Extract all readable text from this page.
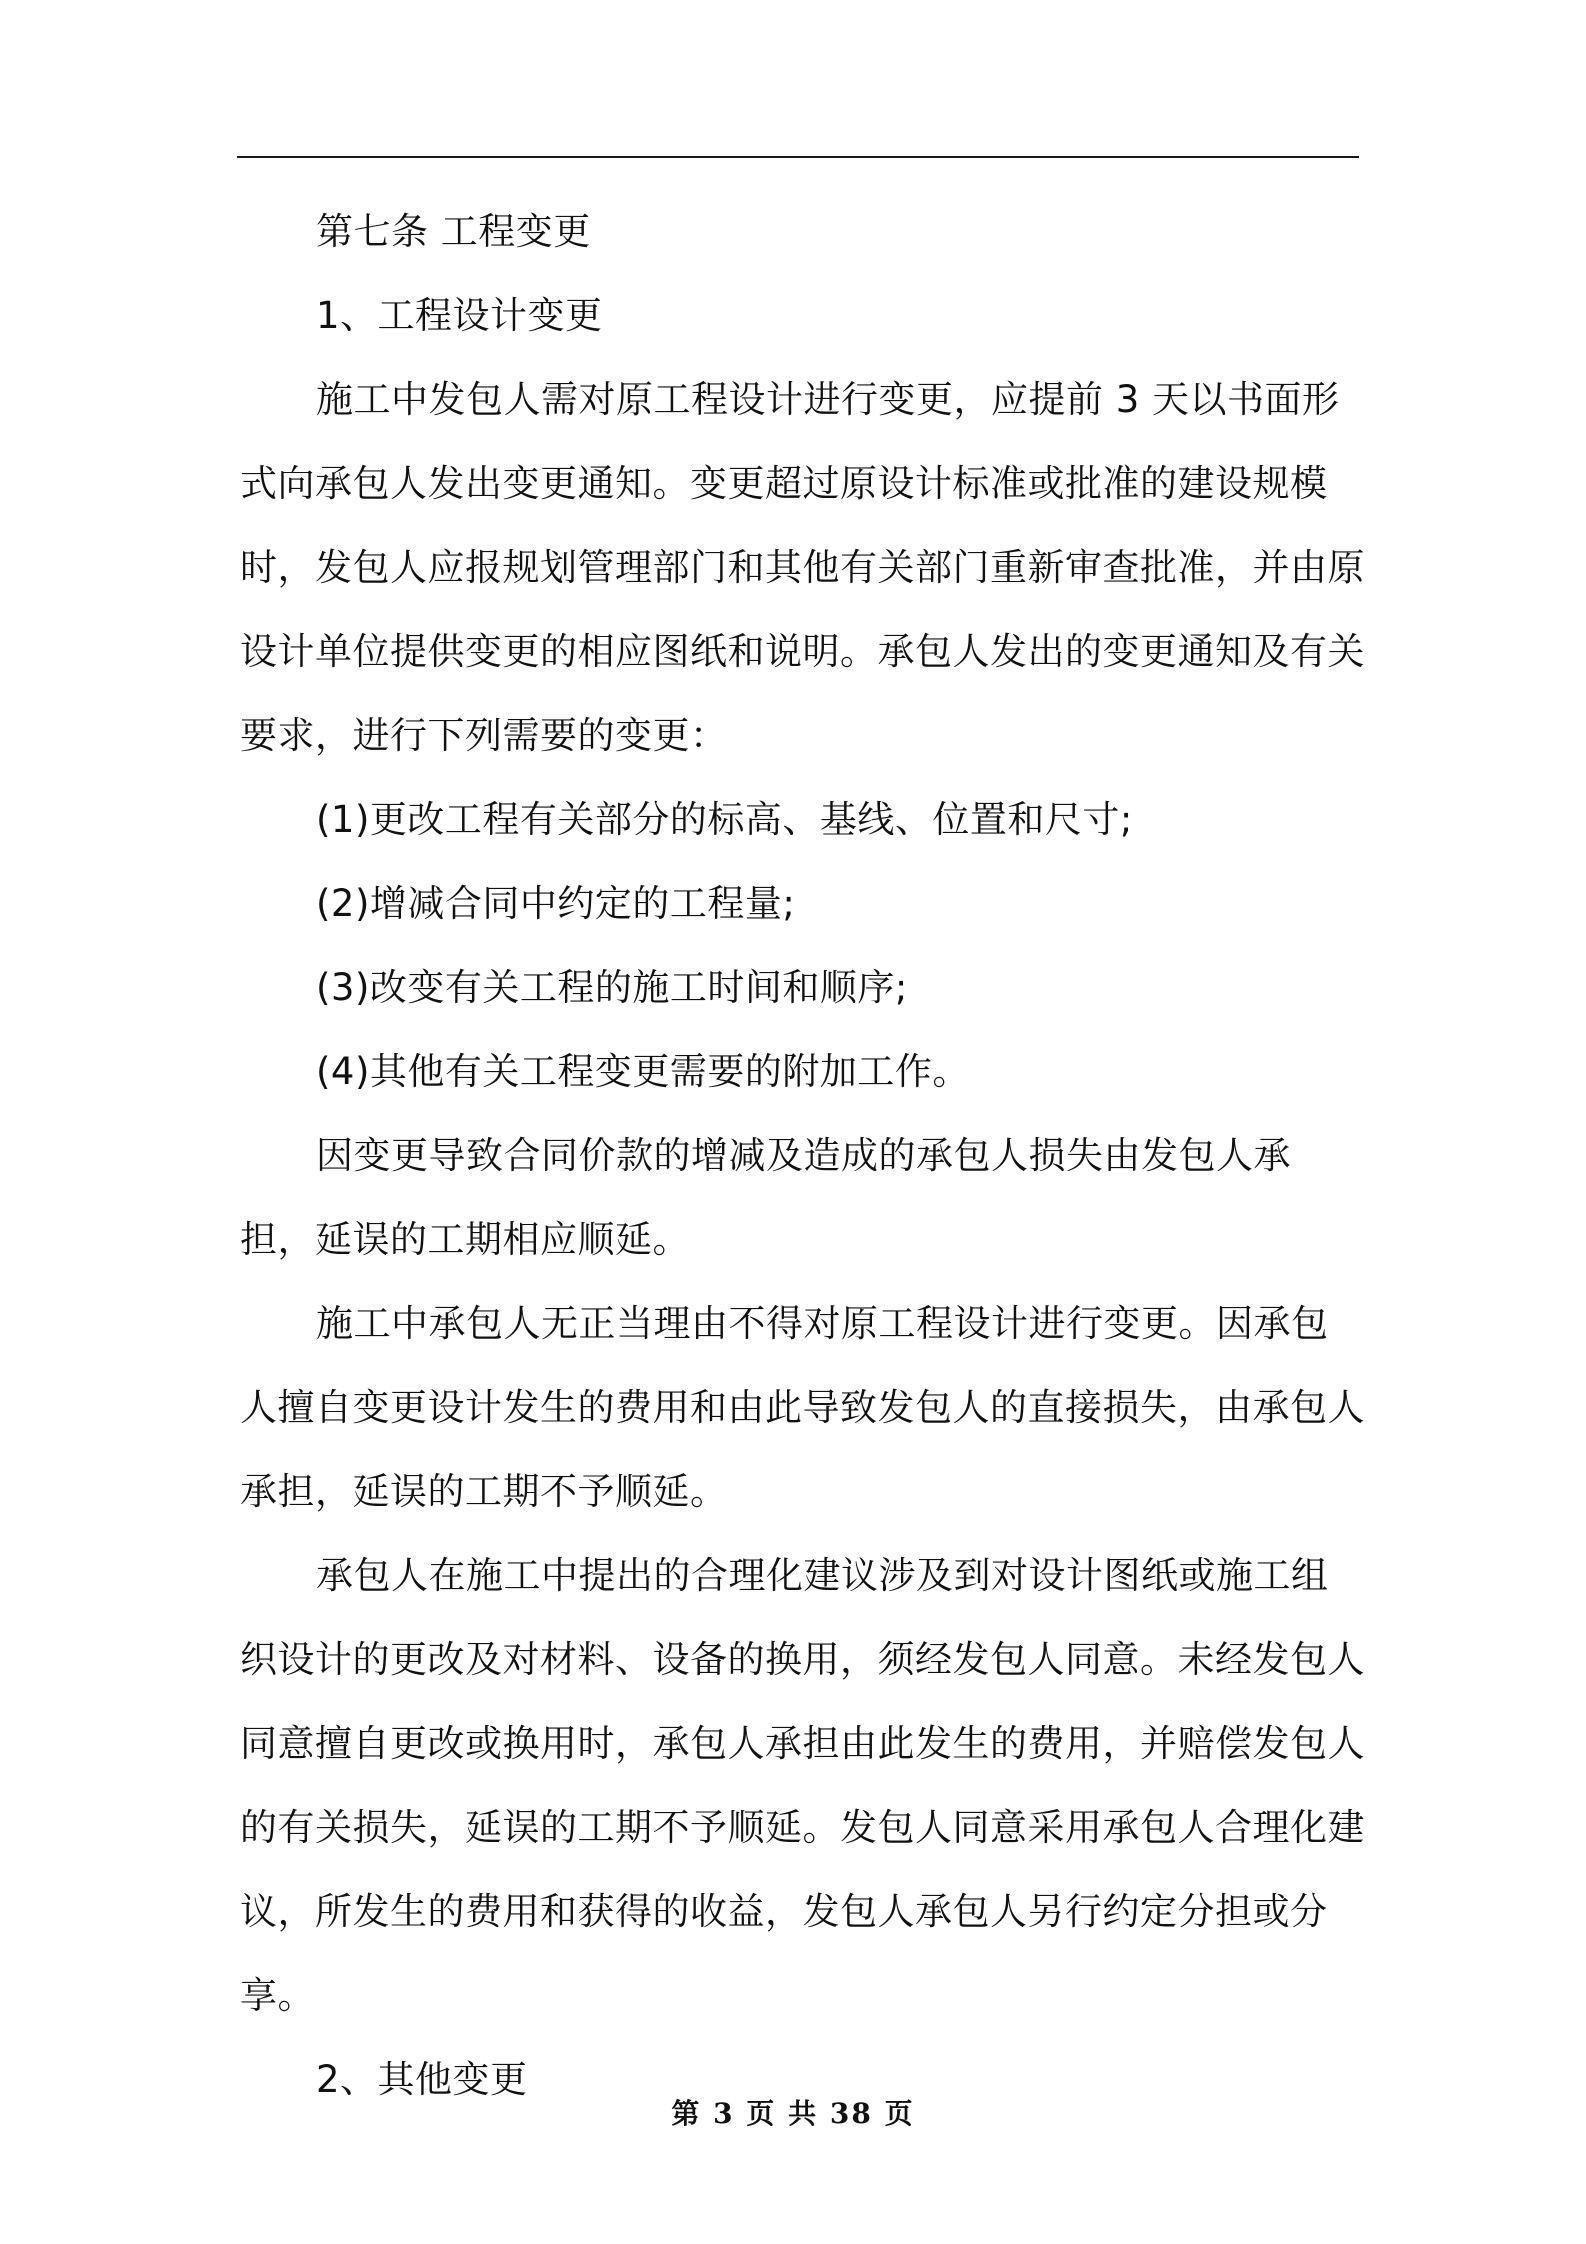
第七条 工程变更

1、工程设计变更

施工中发包人需对原工程设计进行变更，应提前 3 天以书面形式向承包人发出变更通知。变更超过原设计标准或批准的建设规模时，发包人应报规划管理部门和其他有关部门重新审查批准，并由原设计单位提供变更的相应图纸和说明。承包人发出的变更通知及有关要求，进行下列需要的变更：

(1)更改工程有关部分的标高、基线、位置和尺寸;

(2)增减合同中约定的工程量;

(3)改变有关工程的施工时间和顺序;

(4)其他有关工程变更需要的附加工作。

因变更导致合同价款的增减及造成的承包人损失由发包人承担，延误的工期相应顺延。

施工中承包人无正当理由不得对原工程设计进行变更。因承包人擅自变更设计发生的费用和由此导致发包人的直接损失，由承包人承担，延误的工期不予顺延。

承包人在施工中提出的合理化建议涉及到对设计图纸或施工组织设计的更改及对材料、设备的换用，须经发包人同意。未经发包人同意擅自更改或换用时，承包人承担由此发生的费用，并赔偿发包人的有关损失，延误的工期不予顺延。发包人同意采用承包人合理化建议，所发生的费用和获得的收益，发包人承包人另行约定分担或分享。

2、其他变更

第 3 页 共 38 页
